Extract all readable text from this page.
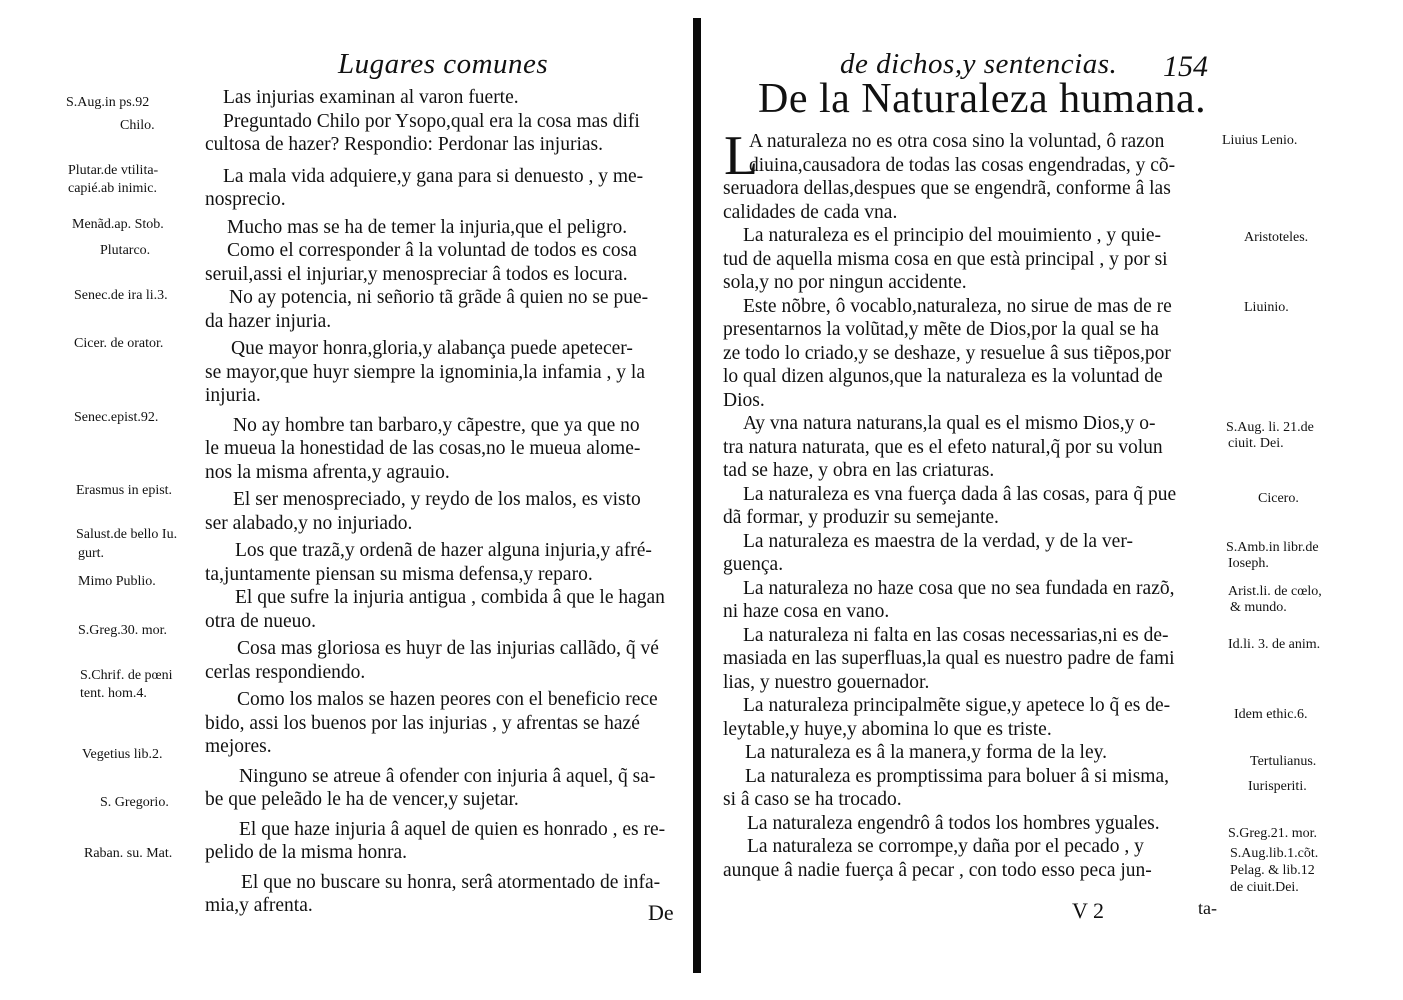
Lugares comunes
Las injurias examinan al varon fuerte.
Preguntado Chilo por Ysopo,qual era la cosa mas difi
cultosa de hazer? Respondio: Perdonar las injurias.
La mala vida adquiere,y gana para si denuesto , y me-
nosprecio.
Mucho mas se ha de temer la injuria,que el peligro.
Como el corresponder â la voluntad de todos es cosa
seruil,assi el injuriar,y menospreciar â todos es locura.
No ay potencia, ni señorio tã grãde â quien no se pue-
da hazer injuria.
Que mayor honra,gloria,y alabança puede apetecer-
se mayor,que huyr siempre la ignominia,la infamia , y la
injuria.
No ay hombre tan barbaro,y cãpestre, que ya que no
le mueua la honestidad de las cosas,no le mueua alome-
nos la misma afrenta,y agrauio.
El ser menospreciado, y reydo de los malos, es visto
ser alabado,y no injuriado.
Los que trazã,y ordenã de hazer alguna injuria,y afré-
ta,juntamente piensan su misma defensa,y reparo.
El que sufre la injuria antigua , combida â que le hagan
otra de nueuo.
Cosa mas gloriosa es huyr de las injurias callãdo, q̃ vé
cerlas respondiendo.
Como los malos se hazen peores con el beneficio rece
bido, assi los buenos por las injurias , y afrentas se hazé
mejores.
Ninguno se atreue â ofender con injuria â aquel, q̃ sa-
be que peleãdo le ha de vencer,y sujetar.
El que haze injuria â aquel de quien es honrado , es re-
pelido de la misma honra.
El que no buscare su honra, serâ atormentado de infa-
mia,y afrenta.
S.Aug.in ps.92
Chilo.
Plutar.de vtilita-
capié.ab inimic.
Menãd.ap. Stob.
Plutarco.
Senec.de ira li.3.
Cicer. de orator.
Senec.epist.92.
Erasmus in epist.
Salust.de bello Iu.
gurt.
Mimo Publio.
S.Greg.30. mor.
S.Chrif. de pœni
tent. hom.4.
Vegetius lib.2.
S. Gregorio.
Raban. su. Mat.
De
de dichos,y sentencias. 154
De la Naturaleza humana.
L
A naturaleza no es otra cosa sino la voluntad, ô razon
diuina,causadora de todas las cosas engendradas, y cõ-
seruadora dellas,despues que se engendrã, conforme â las
calidades de cada vna.
La naturaleza es el principio del mouimiento , y quie-
tud de aquella misma cosa en que està principal , y por si
sola,y no por ningun accidente.
Este nõbre, ô vocablo,naturaleza, no sirue de mas de re
presentarnos la volũtad,y mẽte de Dios,por la qual se ha
ze todo lo criado,y se deshaze, y resuelue â sus tiẽpos,por
lo qual dizen algunos,que la naturaleza es la voluntad de
Dios.
Ay vna natura naturans,la qual es el mismo Dios,y o-
tra natura naturata, que es el efeto natural,q̃ por su volun
tad se haze, y obra en las criaturas.
La naturaleza es vna fuerça dada â las cosas, para q̃ pue
dã formar, y produzir su semejante.
La naturaleza es maestra de la verdad, y de la ver-
guença.
La naturaleza no haze cosa que no sea fundada en razõ,
ni haze cosa en vano.
La naturaleza ni falta en las cosas necessarias,ni es de-
masiada en las superfluas,la qual es nuestro padre de fami
lias, y nuestro gouernador.
La naturaleza principalmẽte sigue,y apetece lo q̃ es de-
leytable,y huye,y abomina lo que es triste.
La naturaleza es â la manera,y forma de la ley.
La naturaleza es promptissima para boluer â si misma,
si â caso se ha trocado.
La naturaleza engendrô â todos los hombres yguales.
La naturaleza se corrompe,y daña por el pecado , y
aunque â nadie fuerça â pecar , con todo esso peca jun-
Liuius Lenio.
Aristoteles.
Liuinio.
S.Aug. li. 21.de
ciuit. Dei.
Cicero.
S.Amb.in libr.de
Ioseph.
Arist.li. de cœlo,
& mundo.
Id.li. 3. de anim.
Idem ethic.6.
Tertulianus.
Iurisperiti.
S.Greg.21. mor.
S.Aug.lib.1.cõt.
Pelag. & lib.12
de ciuit.Dei.
V 2	ta-
